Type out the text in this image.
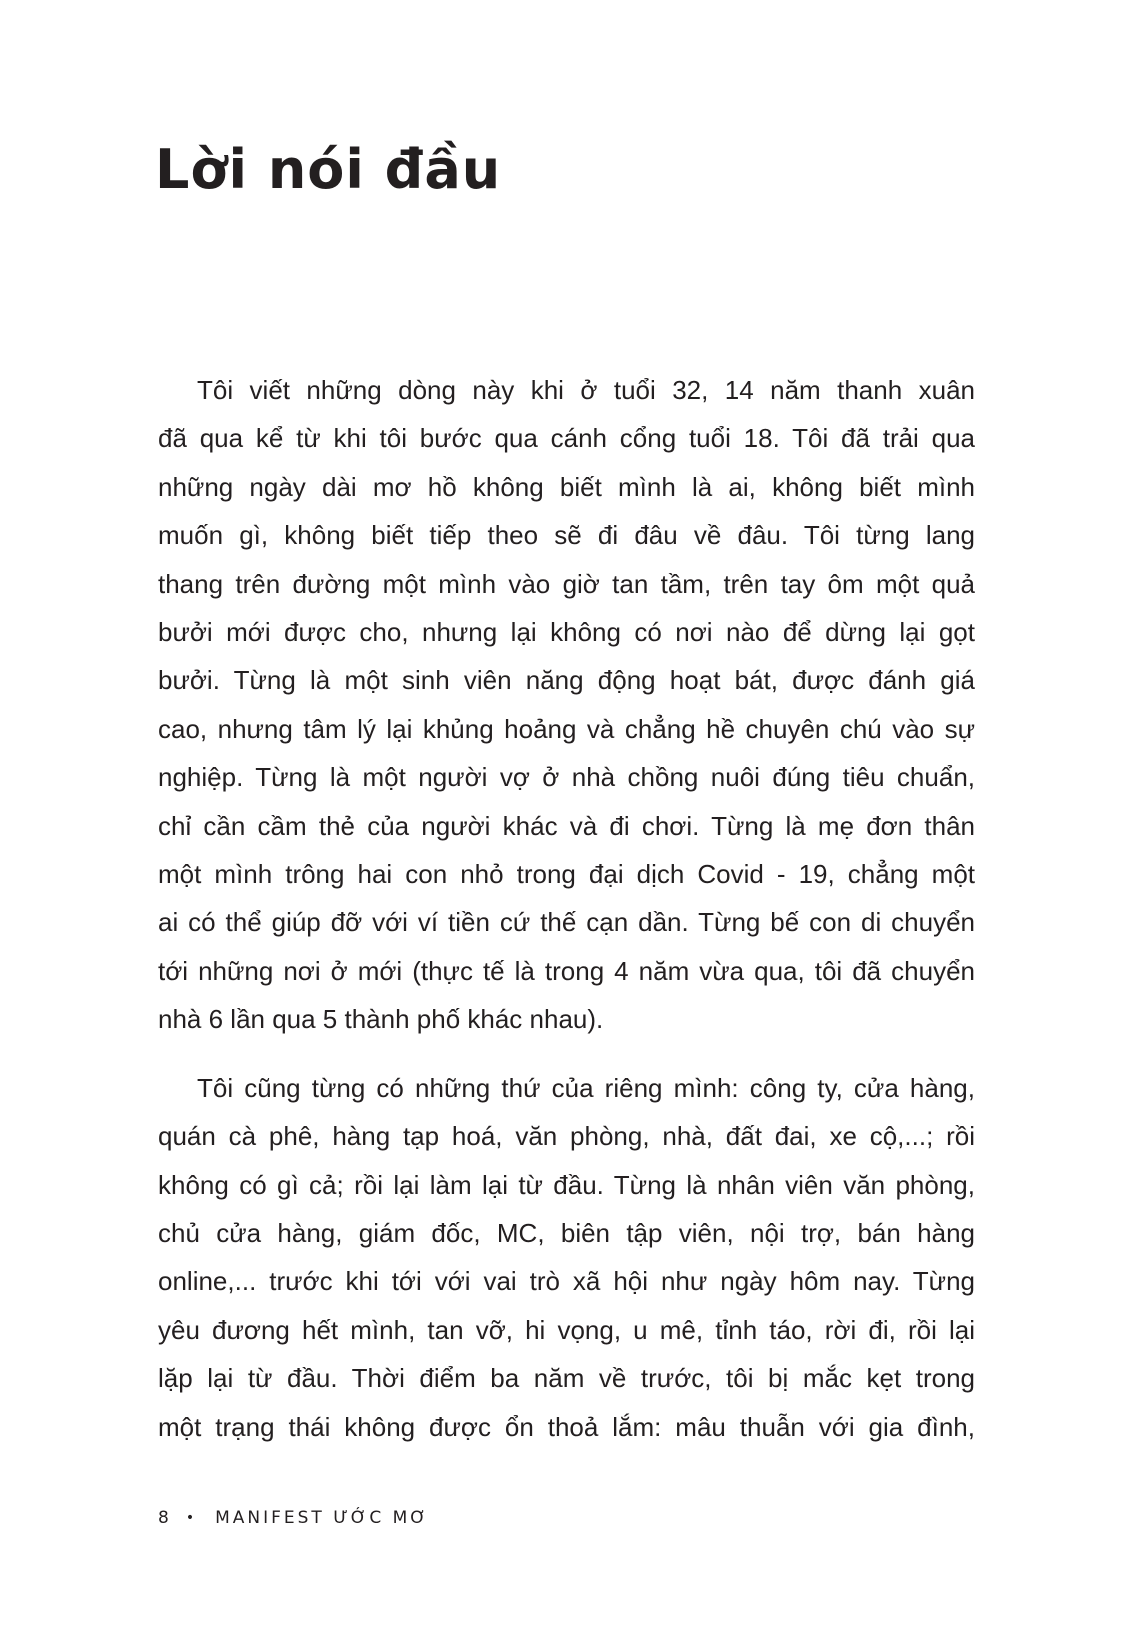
Lời nói đầu
Tôi viết những dòng này khi ở tuổi 32, 14 năm thanh xuân
đã qua kể từ khi tôi bước qua cánh cổng tuổi 18. Tôi đã trải qua
những ngày dài mơ hồ không biết mình là ai, không biết mình
muốn gì, không biết tiếp theo sẽ đi đâu về đâu. Tôi từng lang
thang trên đường một mình vào giờ tan tầm, trên tay ôm một quả
bưởi mới được cho, nhưng lại không có nơi nào để dừng lại gọt
bưởi. Từng là một sinh viên năng động hoạt bát, được đánh giá
cao, nhưng tâm lý lại khủng hoảng và chẳng hề chuyên chú vào sự
nghiệp. Từng là một người vợ ở nhà chồng nuôi đúng tiêu chuẩn,
chỉ cần cầm thẻ của người khác và đi chơi. Từng là mẹ đơn thân
một mình trông hai con nhỏ trong đại dịch Covid - 19, chẳng một
ai có thể giúp đỡ với ví tiền cứ thế cạn dần. Từng bế con di chuyển
tới những nơi ở mới (thực tế là trong 4 năm vừa qua, tôi đã chuyển
nhà 6 lần qua 5 thành phố khác nhau).
Tôi cũng từng có những thứ của riêng mình: công ty, cửa hàng,
quán cà phê, hàng tạp hoá, văn phòng, nhà, đất đai, xe cộ,...; rồi
không có gì cả; rồi lại làm lại từ đầu. Từng là nhân viên văn phòng,
chủ cửa hàng, giám đốc, MC, biên tập viên, nội trợ, bán hàng
online,... trước khi tới với vai trò xã hội như ngày hôm nay. Từng
yêu đương hết mình, tan vỡ, hi vọng, u mê, tỉnh táo, rời đi, rồi lại
lặp lại từ đầu. Thời điểm ba năm về trước, tôi bị mắc kẹt trong
một trạng thái không được ổn thoả lắm: mâu thuẫn với gia đình,
8 • MANIFEST ƯỚC MƠ
